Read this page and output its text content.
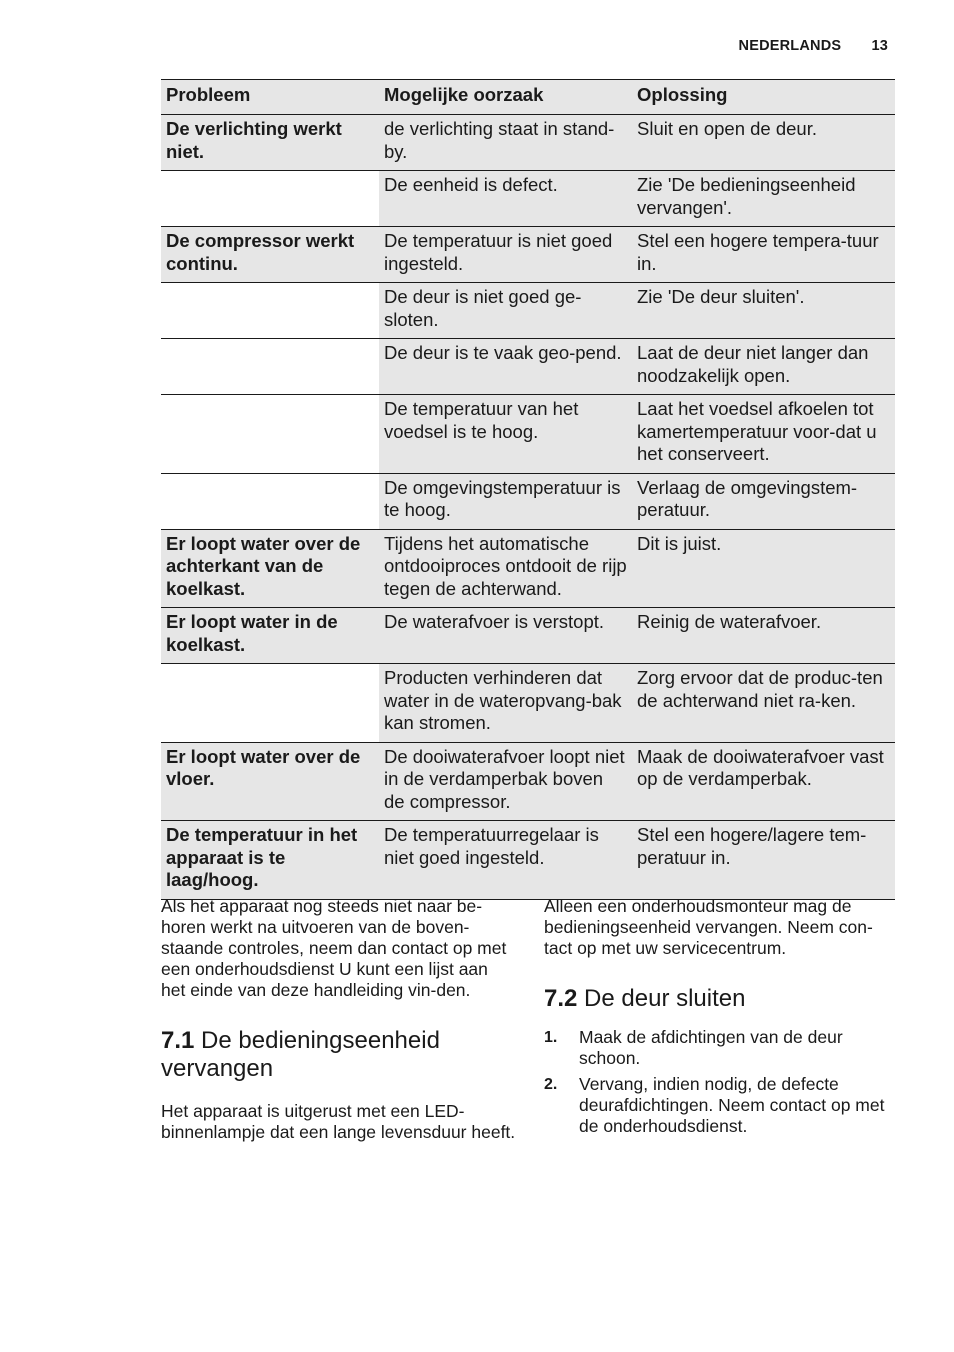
NEDERLANDS 13
Probleem	Mogelijke oorzaak	Oplossing
De verlichting werkt niet.	de verlichting staat in stand-by.	Sluit en open de deur.
	De eenheid is defect.	Zie 'De bedieningseenheid vervangen'.
De compressor werkt continu.	De temperatuur is niet goed ingesteld.	Stel een hogere tempera-tuur in.
	De deur is niet goed ge-sloten.	Zie 'De deur sluiten'.
	De deur is te vaak geo-pend.	Laat de deur niet langer dan noodzakelijk open.
	De temperatuur van het voedsel is te hoog.	Laat het voedsel afkoelen tot kamertemperatuur voor-dat u het conserveert.
	De omgevingstemperatuur is te hoog.	Verlaag de omgevingstem-peratuur.
Er loopt water over de achterkant van de koelkast.	Tijdens het automatische ontdooiproces ontdooit de rijp tegen de achterwand.	Dit is juist.
Er loopt water in de koelkast.	De waterafvoer is verstopt.	Reinig de waterafvoer.
	Producten verhinderen dat water in de wateropvang-bak kan stromen.	Zorg ervoor dat de produc-ten de achterwand niet ra-ken.
Er loopt water over de vloer.	De dooiwaterafvoer loopt niet in de verdamperbak boven de compressor.	Maak de dooiwaterafvoer vast op de verdamperbak.
De temperatuur in het apparaat is te laag/hoog.	De temperatuurregelaar is niet goed ingesteld.	Stel een hogere/lagere tem-peratuur in.

Als het apparaat nog steeds niet naar be-horen werkt na uitvoeren van de boven-staande controles, neem dan contact op met een onderhoudsdienst U kunt een lijst aan het einde van deze handleiding vin-den.

7.1 De bedieningseenheid vervangen

Het apparaat is uitgerust met een LED-binnenlampje dat een lange levensduur heeft.

Alleen een onderhoudsmonteur mag de bedieningseenheid vervangen. Neem con-tact op met uw servicecentrum.

7.2 De deur sluiten
1. Maak de afdichtingen van de deur schoon.
2. Vervang, indien nodig, de defecte deurafdichtingen. Neem contact op met de onderhoudsdienst.
